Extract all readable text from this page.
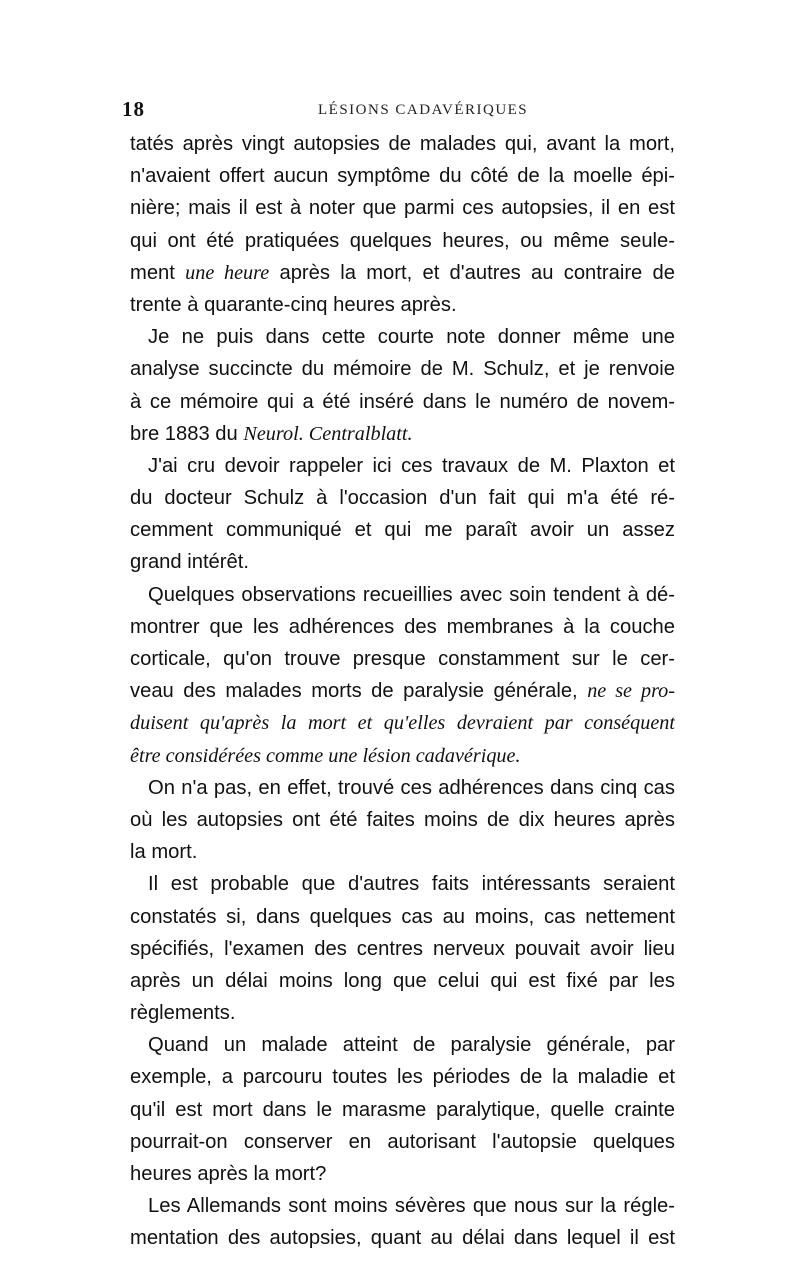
18	LÉSIONS CADAVÉRIQUES
tatés après vingt autopsies de malades qui, avant la mort,
n'avaient offert aucun symptôme du côté de la moelle épi-
nière; mais il est à noter que parmi ces autopsies, il en est
qui ont été pratiquées quelques heures, ou même seule-
ment une heure après la mort, et d'autres au contraire de
trente à quarante-cinq heures après.
Je ne puis dans cette courte note donner même une
analyse succincte du mémoire de M. Schulz, et je renvoie
à ce mémoire qui a été inséré dans le numéro de novem-
bre 1883 du Neurol. Centralblatt.
J'ai cru devoir rappeler ici ces travaux de M. Plaxton et
du docteur Schulz à l'occasion d'un fait qui m'a été ré-
cemment communiqué et qui me paraît avoir un assez
grand intérêt.
Quelques observations recueillies avec soin tendent à dé-
montrer que les adhérences des membranes à la couche
corticale, qu'on trouve presque constamment sur le cer-
veau des malades morts de paralysie générale, ne se pro-
duisent qu'après la mort et qu'elles devraient par conséquent
être considérées comme une lésion cadavérique.
On n'a pas, en effet, trouvé ces adhérences dans cinq cas
où les autopsies ont été faites moins de dix heures après
la mort.
Il est probable que d'autres faits intéressants seraient
constatés si, dans quelques cas au moins, cas nettement
spécifiés, l'examen des centres nerveux pouvait avoir lieu
après un délai moins long que celui qui est fixé par les
règlements.
Quand un malade atteint de paralysie générale, par
exemple, a parcouru toutes les périodes de la maladie et
qu'il est mort dans le marasme paralytique, quelle crainte
pourrait-on conserver en autorisant l'autopsie quelques
heures après la mort?
Les Allemands sont moins sévères que nous sur la régle-
mentation des autopsies, quant au délai dans lequel il est
